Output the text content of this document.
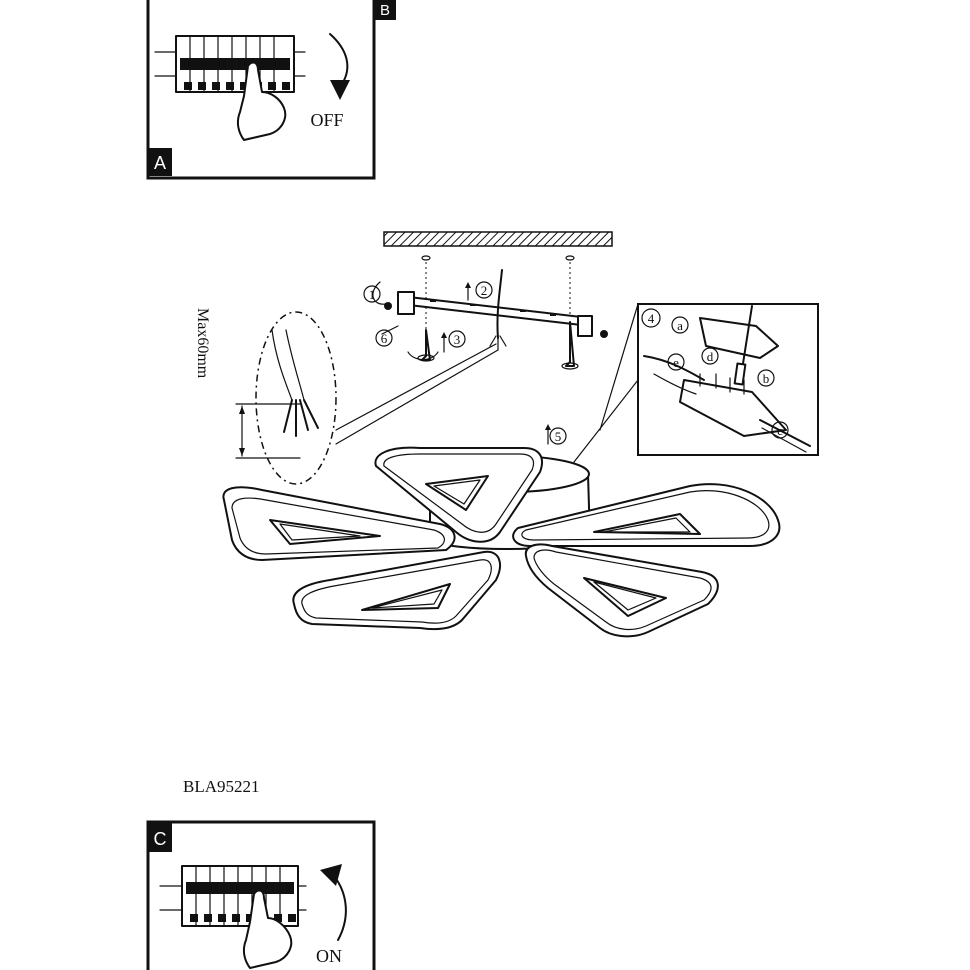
B
A
OFF
1	2
3
5
6
Max60mm	4 a
b
c
d
e
BLA95221
C
ON
